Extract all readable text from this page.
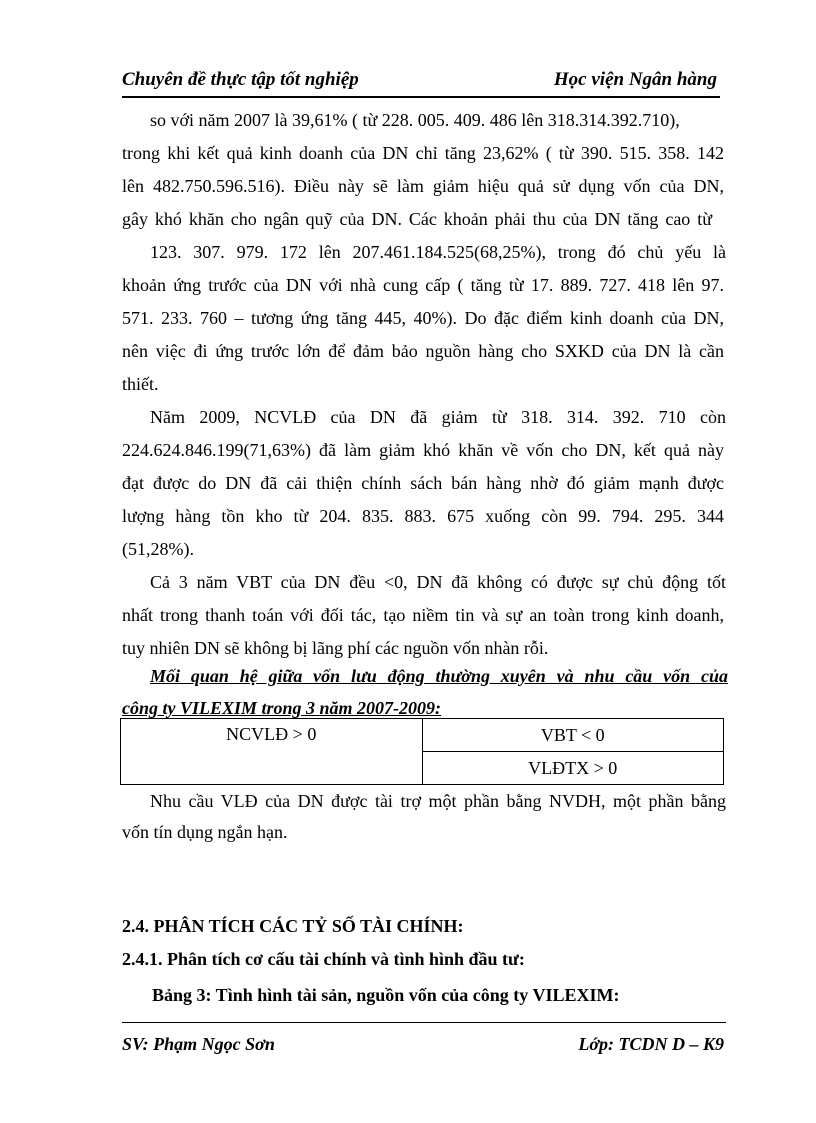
Chuyên đề thực tập tốt nghiệp	Học viện Ngân hàng
so với năm 2007 là 39,61% ( từ 228. 005. 409. 486 lên 318.314.392.710),
trong khi kết quả kinh doanh của DN chỉ tăng 23,62% ( từ 390. 515. 358. 142
lên 482.750.596.516). Điều này sẽ làm giảm hiệu quả sử dụng vốn của DN,
gây khó khăn cho ngân quỹ của DN. Các khoản phải thu của DN tăng cao từ
123. 307. 979. 172 lên 207.461.184.525(68,25%), trong đó chủ yếu là
khoản ứng trước của DN với nhà cung cấp ( tăng từ 17. 889. 727. 418 lên 97.
571. 233. 760 – tương ứng tăng 445, 40%). Do đặc điểm kinh doanh của DN,
nên việc đi ứng trước lớn để đảm bảo nguồn hàng cho SXKD của DN là cần
thiết.
Năm 2009, NCVLĐ của DN đã giảm từ 318. 314. 392. 710 còn
224.624.846.199(71,63%) đã làm giảm khó khăn về vốn cho DN, kết quả này
đạt được do DN đã cải thiện chính sách bán hàng nhờ đó giảm mạnh được
lượng hàng tồn kho từ 204. 835. 883. 675 xuống còn 99. 794. 295. 344
(51,28%).
Cả 3 năm VBT của DN đều <0, DN đã không có được sự chủ động tốt
nhất trong thanh toán với đối tác, tạo niềm tin và sự an toàn trong kinh doanh,
tuy nhiên DN sẽ không bị lãng phí các nguồn vốn nhàn rỗi.
Mối quan hệ giữa vốn lưu động thường xuyên và nhu cầu vốn của
công ty VILEXIM trong 3 năm 2007-2009:
NCVLĐ > 0	VBT < 0
VLĐTX > 0
Nhu cầu VLĐ của DN được tài trợ một phần bằng NVDH, một phần bằng
vốn tín dụng ngắn hạn.
2.4. PHÂN TÍCH CÁC TỶ SỐ TÀI CHÍNH:
2.4.1. Phân tích cơ cấu tài chính và tình hình đầu tư:
Bảng 3: Tình hình tài sản, nguồn vốn của công ty VILEXIM:
SV: Phạm Ngọc Sơn	Lớp: TCDN D – K9
